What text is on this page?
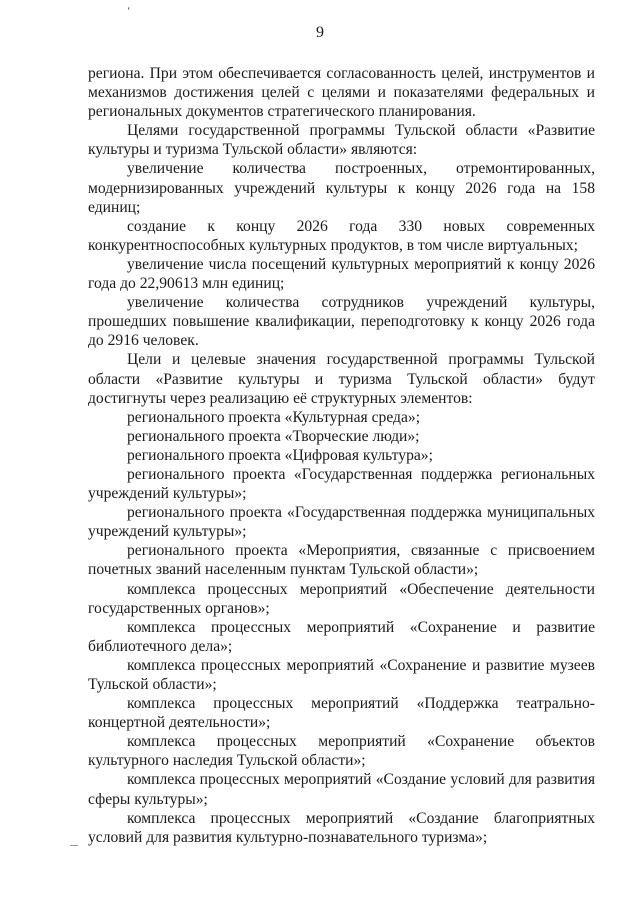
‘
9

региона. При этом обеспечивается согласованность целей, инструментов и механизмов достижения целей с целями и показателями федеральных и региональных документов стратегического планирования.

Целями государственной программы Тульской области «Развитие культуры и туризма Тульской области» являются:

увеличение количества построенных, отремонтированных, модернизированных учреждений культуры к концу 2026 года на 158 единиц;

создание к концу 2026 года 330 новых современных конкурентноспособных культурных продуктов, в том числе виртуальных;

увеличение числа посещений культурных мероприятий к концу 2026 года до 22,90613 млн единиц;

увеличение количества сотрудников учреждений культуры, прошедших повышение квалификации, переподготовку к концу 2026 года до 2916 человек.

Цели и целевые значения государственной программы Тульской области «Развитие культуры и туризма Тульской области» будут достигнуты через реализацию её структурных элементов:

регионального проекта «Культурная среда»;

регионального проекта «Творческие люди»;

регионального проекта «Цифровая культура»;

регионального проекта «Государственная поддержка региональных учреждений культуры»;

регионального проекта «Государственная поддержка муниципальных учреждений культуры»;

регионального проекта «Мероприятия, связанные с присвоением почетных званий населенным пунктам Тульской области»;

комплекса процессных мероприятий «Обеспечение деятельности государственных органов»;

комплекса процессных мероприятий «Сохранение и развитие библиотечного дела»;

комплекса процессных мероприятий «Сохранение и развитие музеев Тульской области»;

комплекса процессных мероприятий «Поддержка театрально- концертной деятельности»;

комплекса процессных мероприятий «Сохранение объектов культурного наследия Тульской области»;

комплекса процессных мероприятий «Создание условий для развития сферы культуры»;

комплекса процессных мероприятий «Создание благоприятных условий для развития культурно-познавательного туризма»;
